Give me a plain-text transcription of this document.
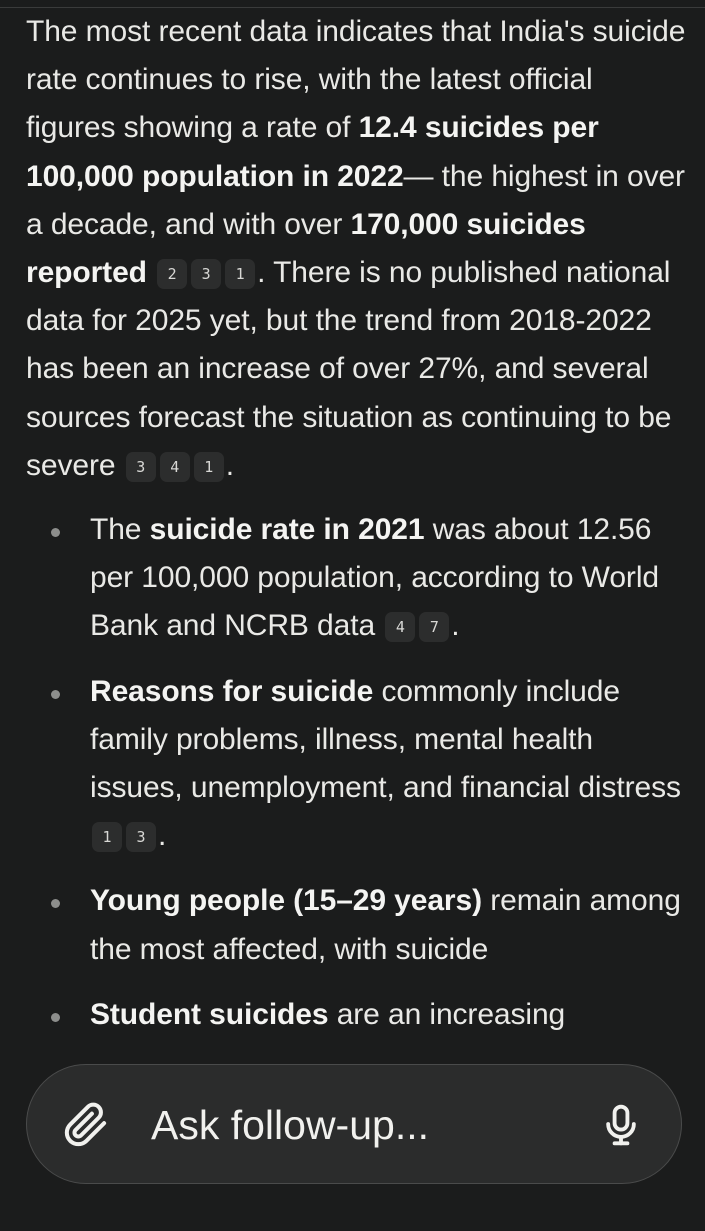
The most recent data indicates that India's suicide rate continues to rise, with the latest official figures showing a rate of 12.4 suicides per 100,000 population in 2022— the highest in over a decade, and with over 170,000 suicides reported 2 3 1 . There is no published national data for 2025 yet, but the trend from 2018-2022 has been an increase of over 27%, and several sources forecast the situation as continuing to be severe 3 4 1 .

The suicide rate in 2021 was about 12.56 per 100,000 population, according to World Bank and NCRB data 4 7 .
Reasons for suicide commonly include family problems, illness, mental health issues, unemployment, and financial distress 1 3 .
Young people (15–29 years) remain among the most affected, with suicide
Student suicides are an increasing
Ask follow-up...
